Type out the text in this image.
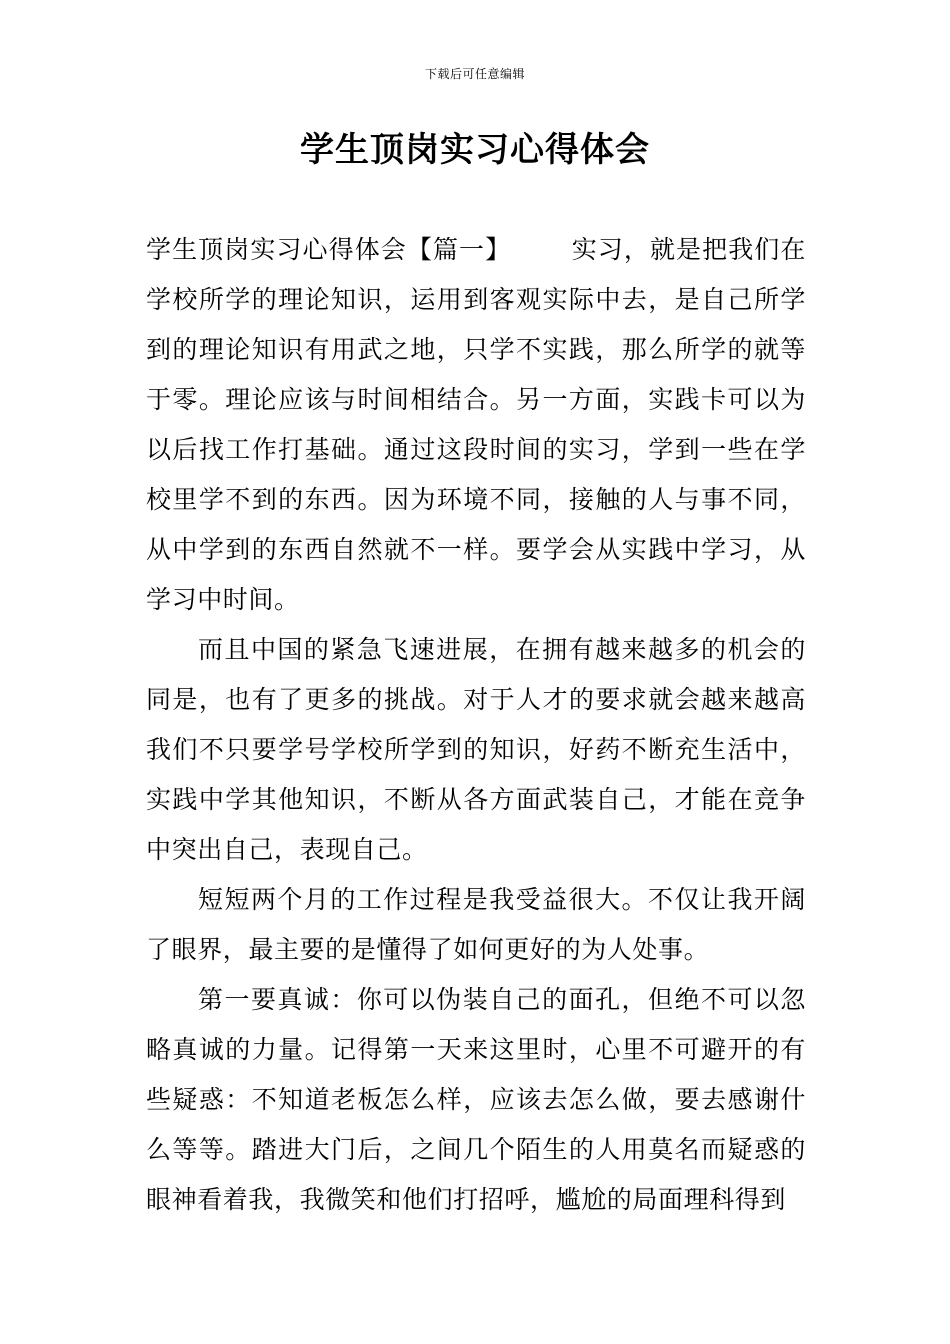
下载后可任意编辑
学生顶岗实习心得体会

学生顶岗实习心得体会【篇一】 实习，就是把我们在学校所学的理论知识，运用到客观实际中去，是自己所学到的理论知识有用武之地，只学不实践，那么所学的就等于零。理论应该与时间相结合。另一方面，实践卡可以为以后找工作打基础。通过这段时间的实习，学到一些在学校里学不到的东西。因为环境不同，接触的人与事不同，从中学到的东西自然就不一样。要学会从实践中学习，从学习中时间。

而且中国的紧急飞速进展，在拥有越来越多的机会的同是，也有了更多的挑战。对于人才的要求就会越来越高我们不只要学号学校所学到的知识，好药不断充生活中，实践中学其他知识，不断从各方面武装自己，才能在竞争中突出自己，表现自己。

短短两个月的工作过程是我受益很大。不仅让我开阔了眼界，最主要的是懂得了如何更好的为人处事。

第一要真诚：你可以伪装自己的面孔，但绝不可以忽略真诚的力量。记得第一天来这里时，心里不可避开的有些疑惑：不知道老板怎么样，应该去怎么做，要去感谢什么等等。踏进大门后，之间几个陌生的人用莫名而疑惑的眼神看着我，我微笑和他们打招呼，尴尬的局面理科得到
